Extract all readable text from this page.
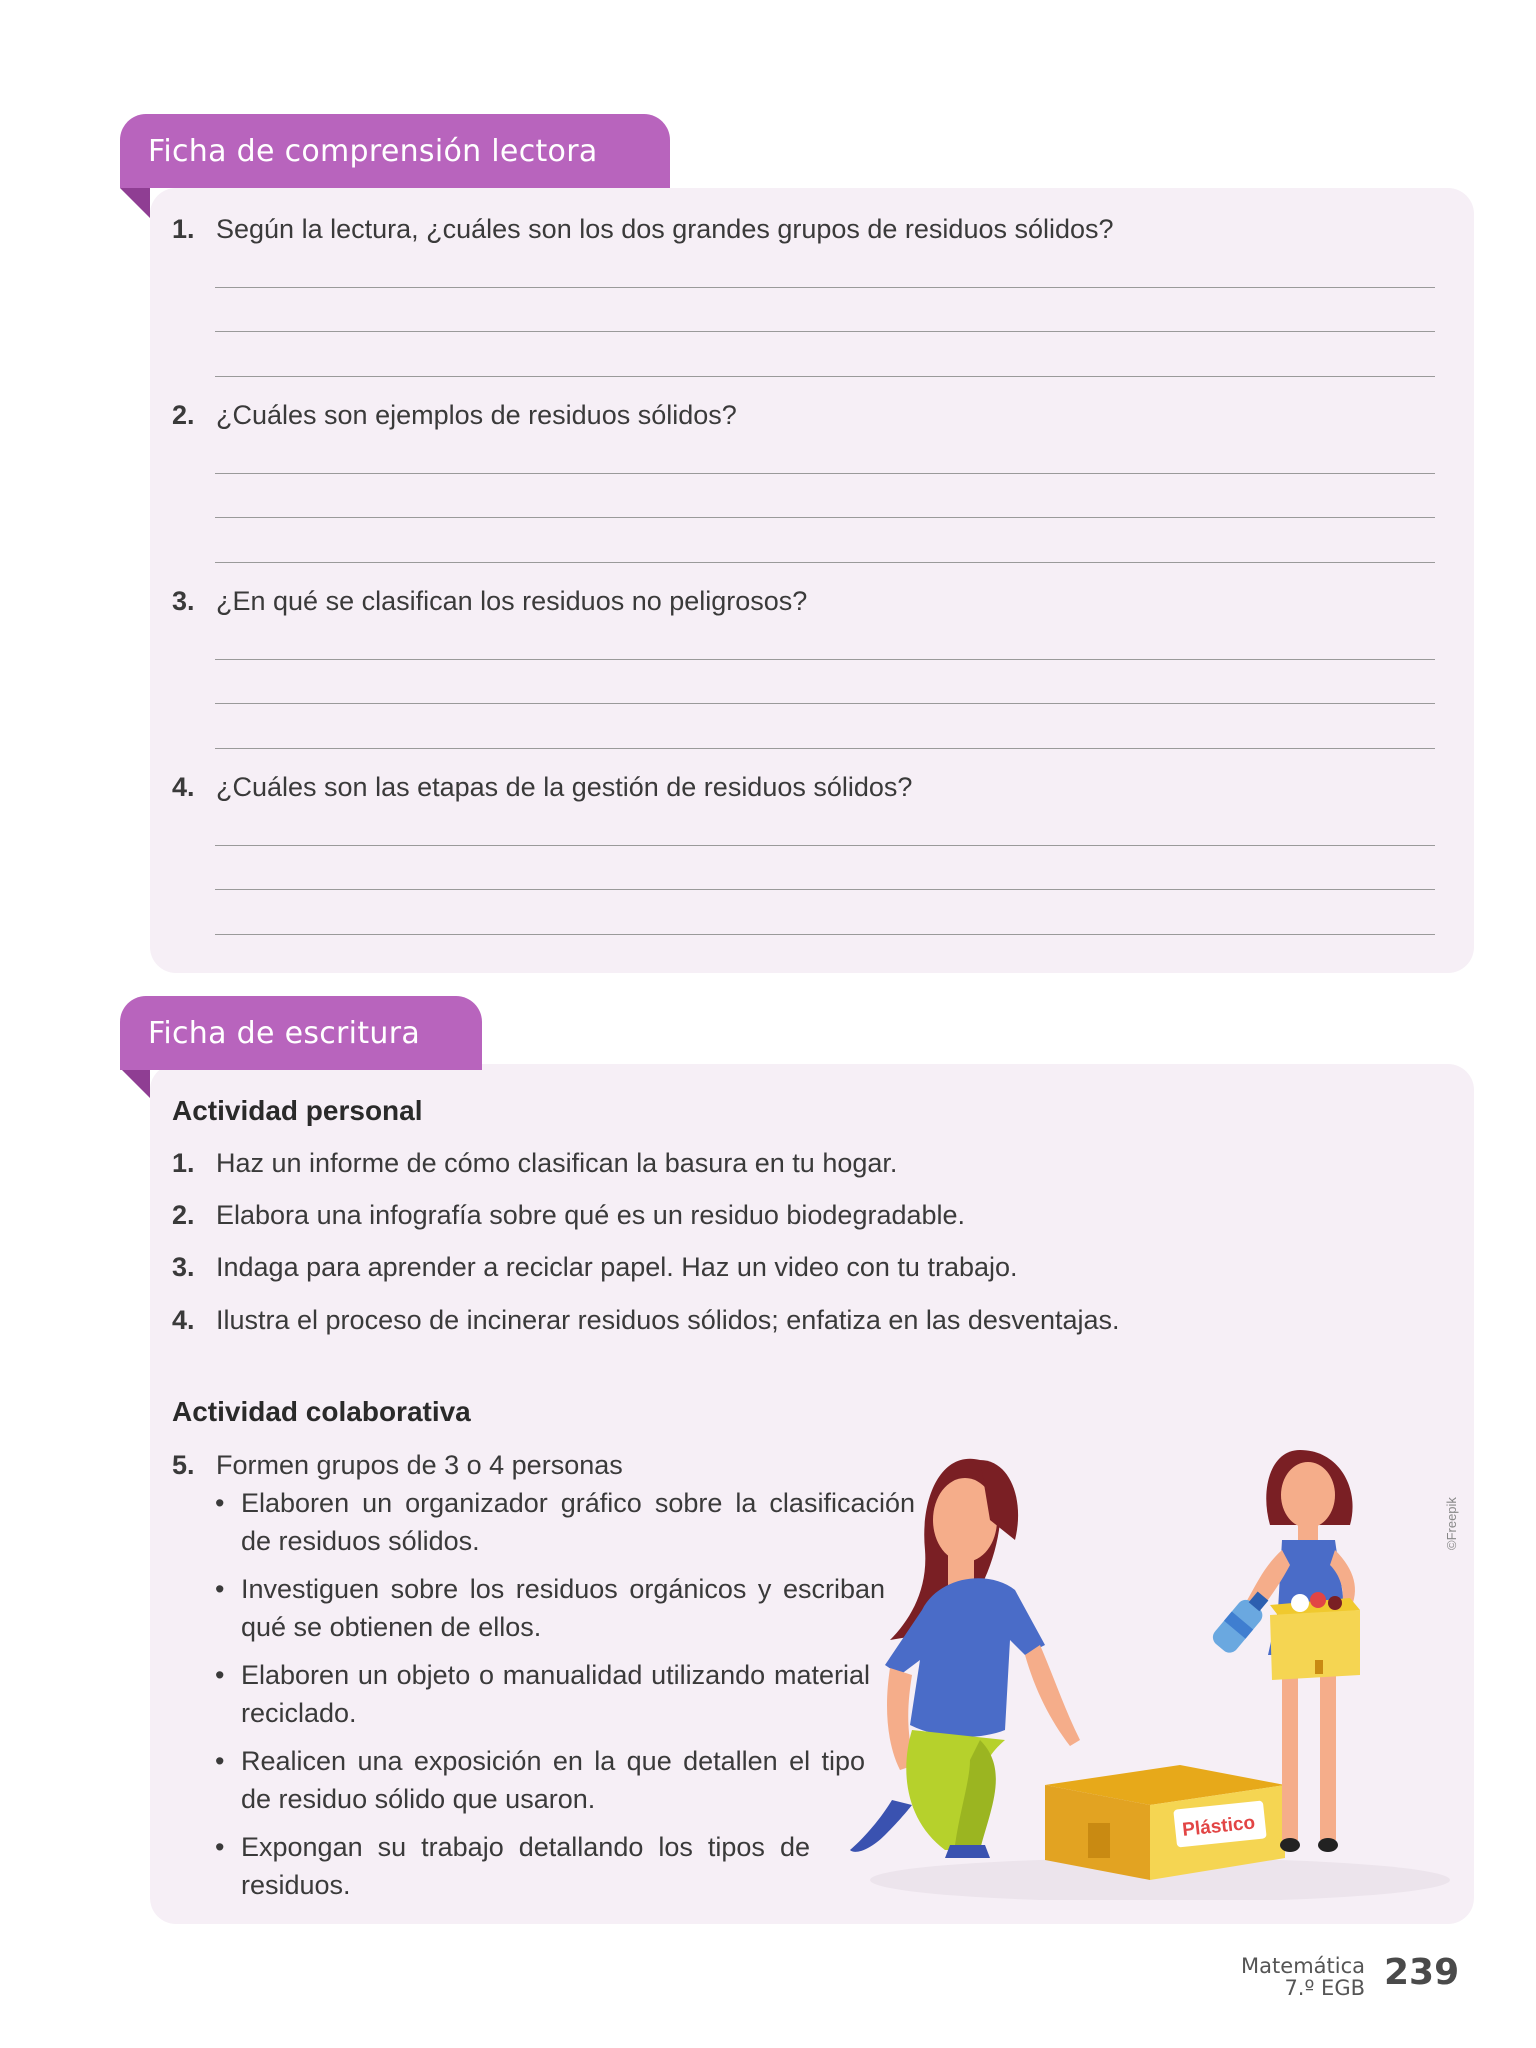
Ficha de comprensión lectora
1. Según la lectura, ¿cuáles son los dos grandes grupos de residuos sólidos?
2. ¿Cuáles son ejemplos de residuos sólidos?
3. ¿En qué se clasifican los residuos no peligrosos?
4. ¿Cuáles son las etapas de la gestión de residuos sólidos?
Ficha de escritura
Actividad personal
1. Haz un informe de cómo clasifican la basura en tu hogar.
2. Elabora una infografía sobre qué es un residuo biodegradable.
3. Indaga para aprender a reciclar papel. Haz un video con tu trabajo.
4. Ilustra el proceso de incinerar residuos sólidos; enfatiza en las desventajas.
Actividad colaborativa
5. Formen grupos de 3 o 4 personas
• Elaboren un organizador gráfico sobre la clasificación de residuos sólidos.
• Investiguen sobre los residuos orgánicos y escriban qué se obtienen de ellos.
• Elaboren un objeto o manualidad utilizando material reciclado.
• Realicen una exposición en la que detallen el tipo de residuo sólido que usaron.
• Expongan su trabajo detallando los tipos de residuos.
Plástico
©Freepik
Matemática
7.º EGB 239
